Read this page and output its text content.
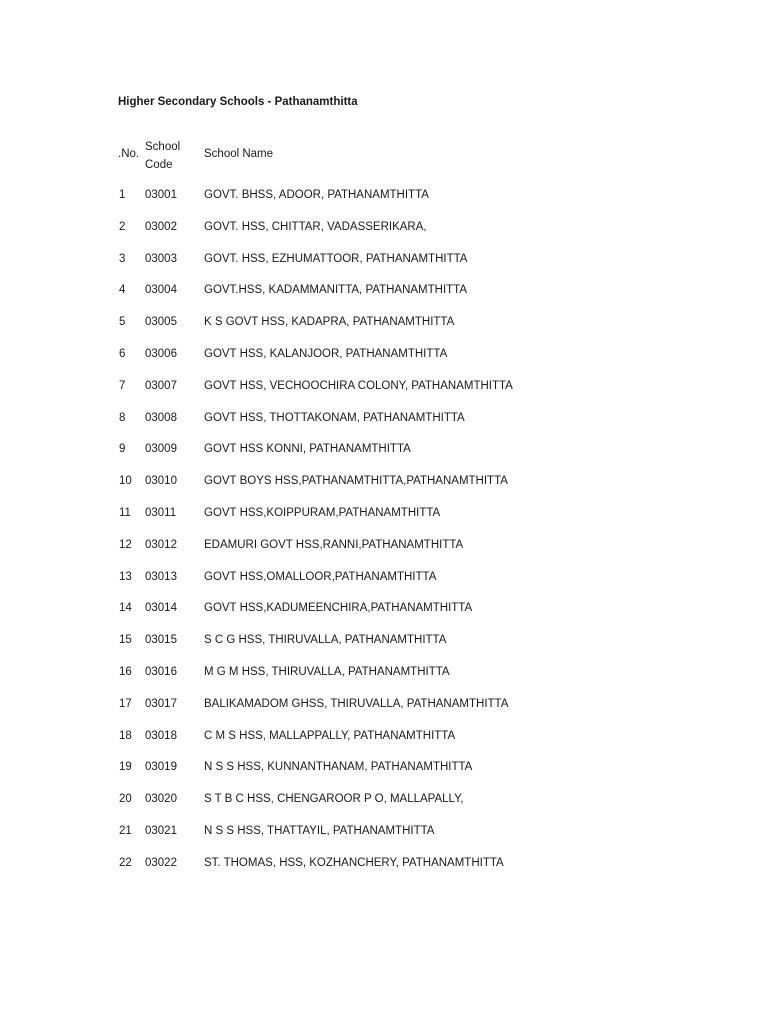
Higher Secondary Schools - Pathanamthitta
.No.
School Code
School Name
1 03001 GOVT. BHSS, ADOOR, PATHANAMTHITTA
2 03002 GOVT. HSS, CHITTAR, VADASSERIKARA,
3 03003 GOVT. HSS, EZHUMATTOOR, PATHANAMTHITTA
4 03004 GOVT.HSS, KADAMMANITTA, PATHANAMTHITTA
5 03005 K S GOVT HSS, KADAPRA, PATHANAMTHITTA
6 03006 GOVT HSS, KALANJOOR, PATHANAMTHITTA
7 03007 GOVT HSS, VECHOOCHIRA COLONY, PATHANAMTHITTA
8 03008 GOVT HSS, THOTTAKONAM, PATHANAMTHITTA
9 03009 GOVT HSS KONNI, PATHANAMTHITTA
10 03010 GOVT BOYS HSS,PATHANAMTHITTA,PATHANAMTHITTA
11 03011 GOVT HSS,KOIPPURAM,PATHANAMTHITTA
12 03012 EDAMURI GOVT HSS,RANNI,PATHANAMTHITTA
13 03013 GOVT HSS,OMALLOOR,PATHANAMTHITTA
14 03014 GOVT HSS,KADUMEENCHIRA,PATHANAMTHITTA
15 03015 S C G HSS, THIRUVALLA, PATHANAMTHITTA
16 03016 M G M HSS, THIRUVALLA, PATHANAMTHITTA
17 03017 BALIKAMADOM GHSS, THIRUVALLA, PATHANAMTHITTA
18 03018 C M S HSS, MALLAPPALLY, PATHANAMTHITTA
19 03019 N S S HSS, KUNNANTHANAM, PATHANAMTHITTA
20 03020 S T B C HSS, CHENGAROOR P O, MALLAPALLY,
21 03021 N S S HSS, THATTAYIL, PATHANAMTHITTA
22 03022 ST. THOMAS, HSS, KOZHANCHERY, PATHANAMTHITTA
